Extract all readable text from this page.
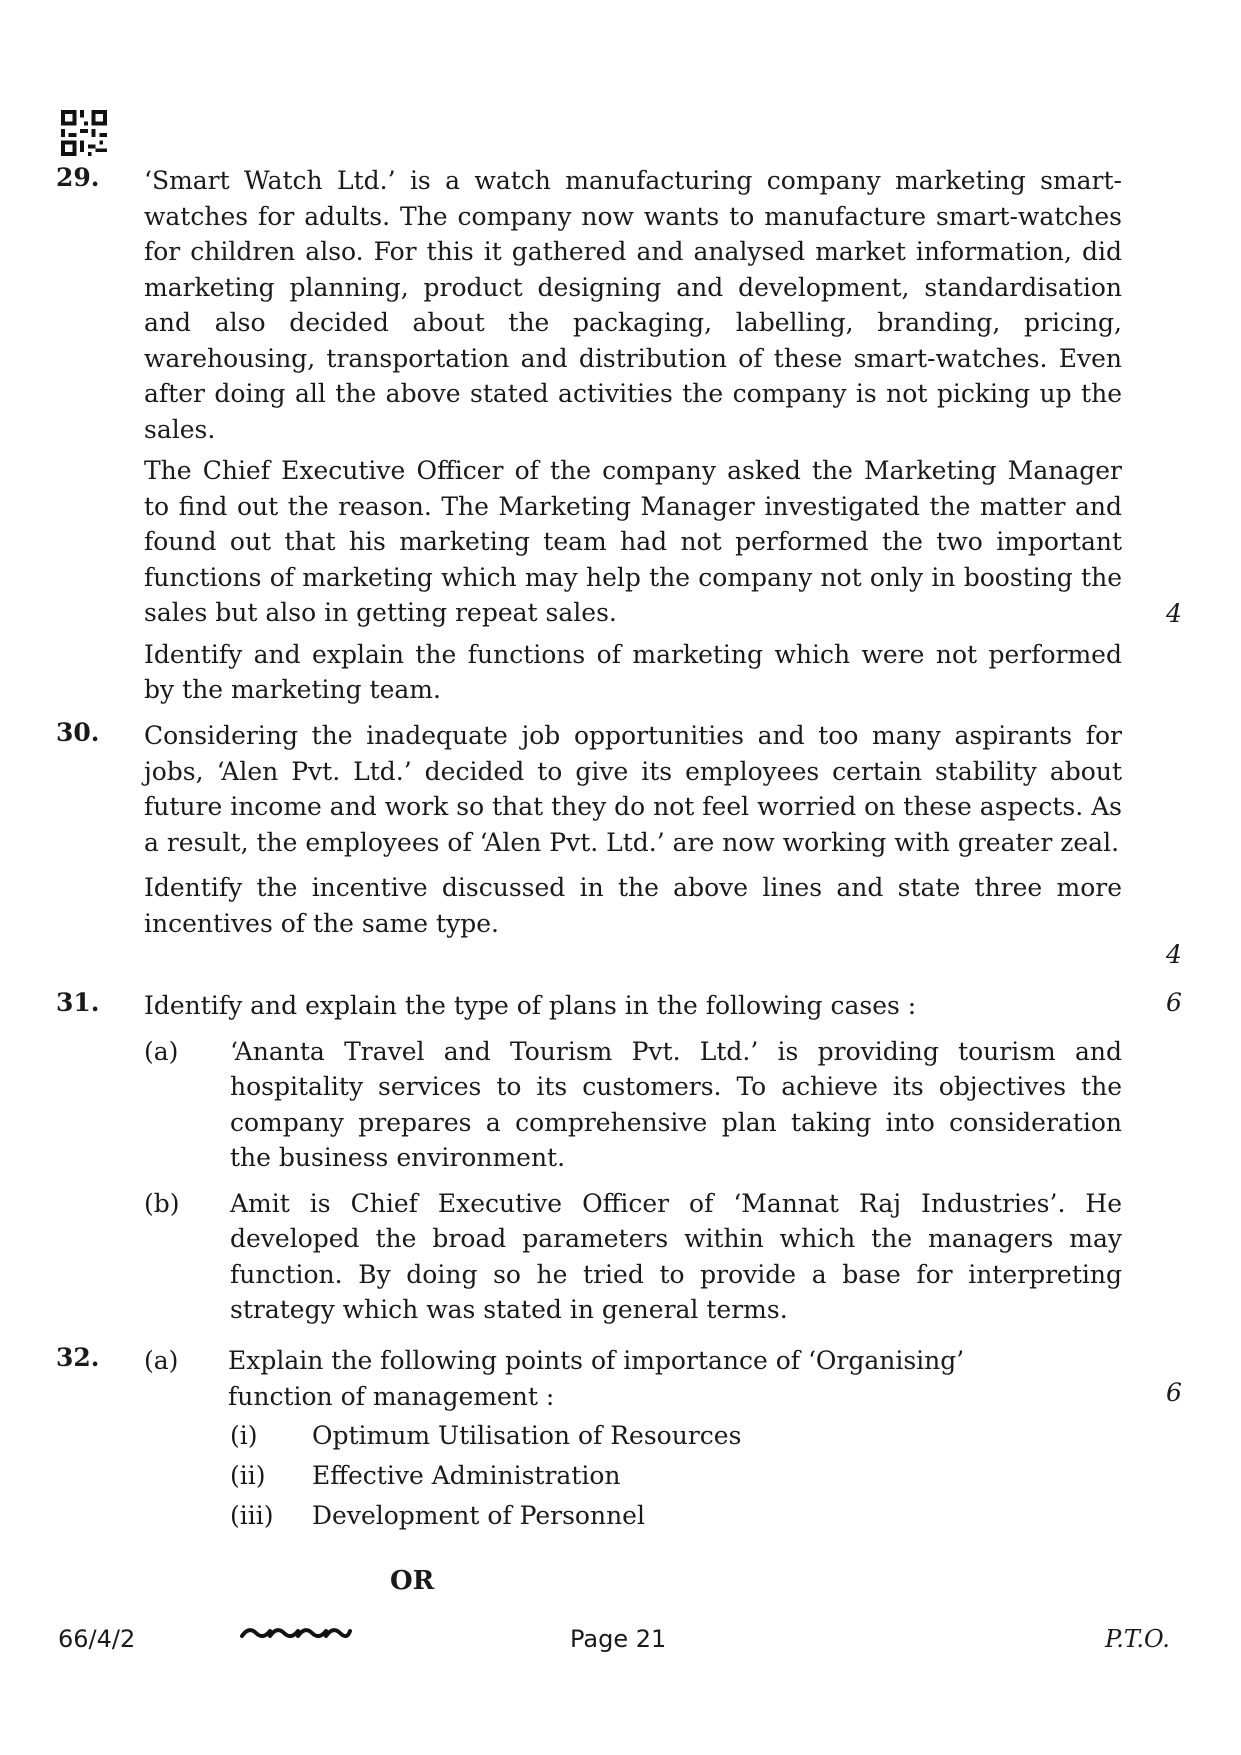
29. ‘Smart Watch Ltd.’ is a watch manufacturing company marketing smart-watches for adults. The company now wants to manufacture smart-watches for children also. For this it gathered and analysed market information, did marketing planning, product designing and development, standardisation and also decided about the packaging, labelling, branding, pricing, warehousing, transportation and distribution of these smart-watches. Even after doing all the above stated activities the company is not picking up the sales.

The Chief Executive Officer of the company asked the Marketing Manager to find out the reason. The Marketing Manager investigated the matter and found out that his marketing team had not performed the two important functions of marketing which may help the company not only in boosting the sales but also in getting repeat sales.

Identify and explain the functions of marketing which were not performed by the marketing team.

4
30. Considering the inadequate job opportunities and too many aspirants for jobs, ‘Alen Pvt. Ltd.’ decided to give its employees certain stability about future income and work so that they do not feel worried on these aspects. As a result, the employees of ‘Alen Pvt. Ltd.’ are now working with greater zeal.

Identify the incentive discussed in the above lines and state three more incentives of the same type.

4
31. Identify and explain the type of plans in the following cases :

(a) ‘Ananta Travel and Tourism Pvt. Ltd.’ is providing tourism and hospitality services to its customers. To achieve its objectives the company prepares a comprehensive plan taking into consideration the business environment.
(b) Amit is Chief Executive Officer of ‘Mannat Raj Industries’. He developed the broad parameters within which the managers may function. By doing so he tried to provide a base for interpreting strategy which was stated in general terms.
6
32. (a) Explain the following points of importance of ‘Organising’ function of management :
(i) Optimum Utilisation of Resources
(ii) Effective Administration
(iii) Development of Personnel
6
OR
66/4/2	Page 21	P.T.O.
